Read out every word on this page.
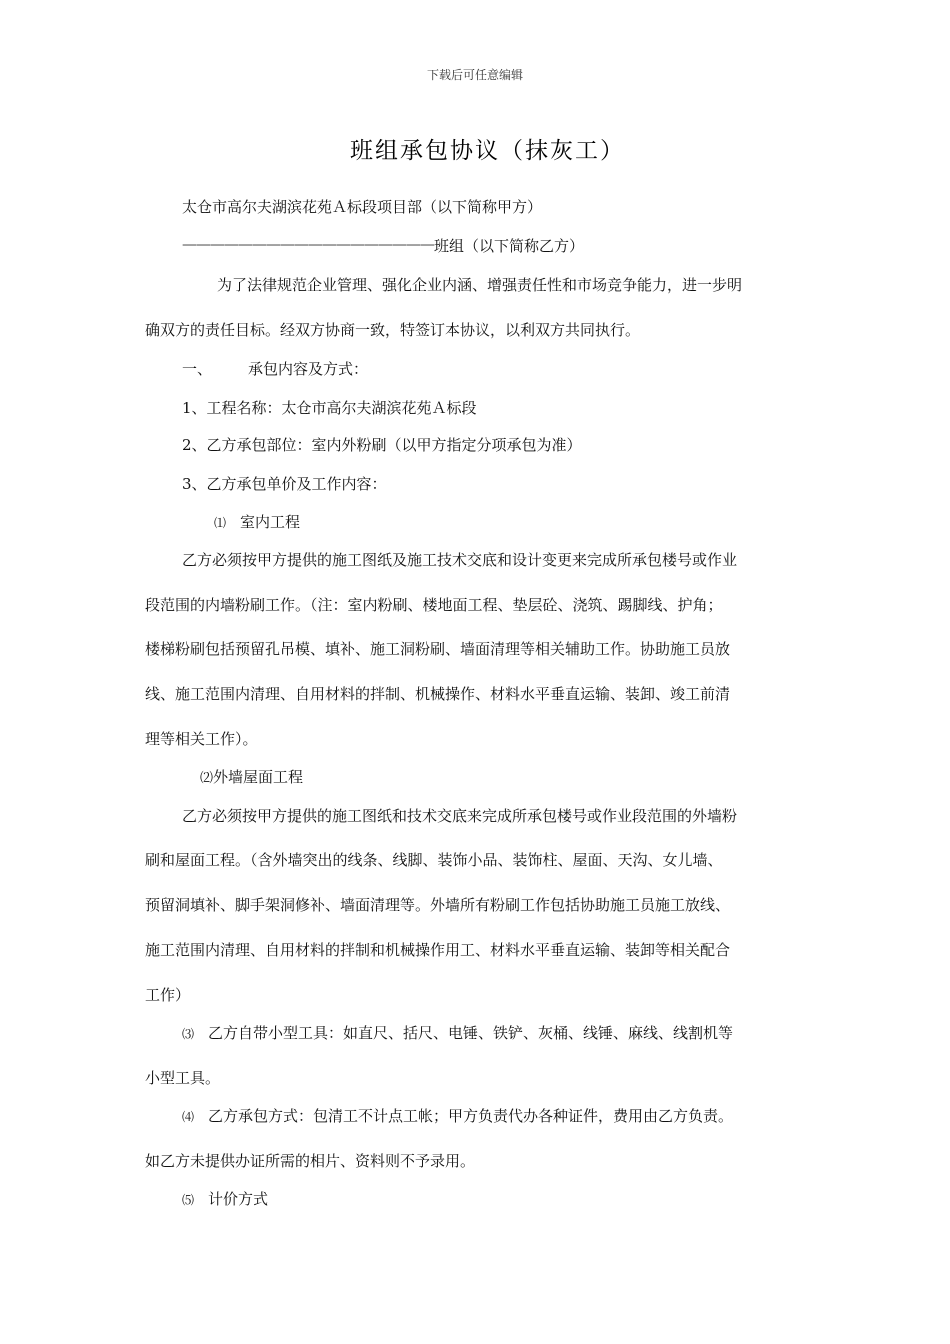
下载后可任意编辑
班组承包协议（抹灰工）
太仓市高尔夫湖滨花苑Ａ标段项目部（以下简称甲方）
—————————————————— 班组（以下简称乙方）
为了法律规范企业管理、强化企业内涵、增强责任性和市场竞争能力，进一步明
确双方的责任目标。经双方协商一致，特签订本协议，以利双方共同执行。
一、 承包内容及方式：
1、工程名称：太仓市高尔夫湖滨花苑Ａ标段
2、乙方承包部位：室内外粉刷（以甲方指定分项承包为准）
3、乙方承包单价及工作内容：
⑴ 室内工程
乙方必须按甲方提供的施工图纸及施工技术交底和设计变更来完成所承包楼号或作业
段范围的内墙粉刷工作。（注：室内粉刷、楼地面工程、垫层砼、浇筑、踢脚线、护角；
楼梯粉刷包括预留孔吊模、填补、施工洞粉刷、墙面清理等相关辅助工作。协助施工员放
线、施工范围内清理、自用材料的拌制、机械操作、材料水平垂直运输、装卸、竣工前清
理等相关工作）。
⑵外墙屋面工程
乙方必须按甲方提供的施工图纸和技术交底来完成所承包楼号或作业段范围的外墙粉
刷和屋面工程。（含外墙突出的线条、线脚、装饰小品、装饰柱、屋面、天沟、女儿墙、
预留洞填补、脚手架洞修补、墙面清理等。外墙所有粉刷工作包括协助施工员施工放线、
施工范围内清理、自用材料的拌制和机械操作用工、材料水平垂直运输、装卸等相关配合
工作）
⑶ 乙方自带小型工具：如直尺、括尺、电锤、铁铲、灰桶、线锤、麻线、线割机等
小型工具。
⑷ 乙方承包方式：包清工不计点工帐；甲方负责代办各种证件，费用由乙方负责。
如乙方未提供办证所需的相片、资料则不予录用。
⑸ 计价方式
